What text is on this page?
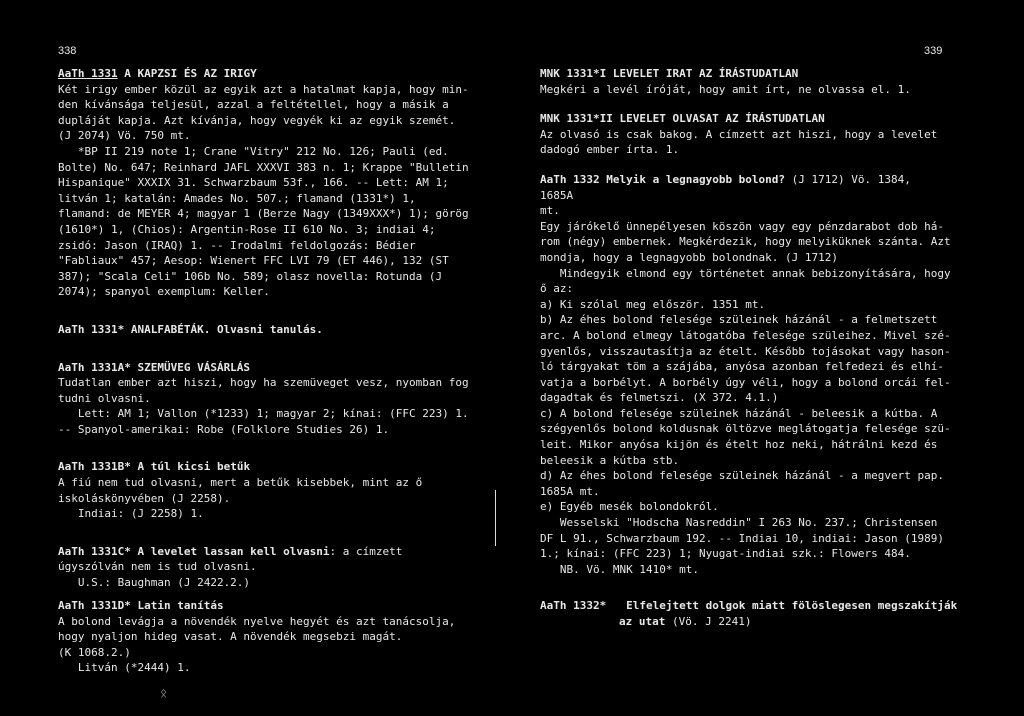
338	339
AaTh 1331 A KAPZSI ÉS AZ IRIGY
Két irigy ember közül az egyik azt a hatalmat kapja, hogy min-
den kívánsága teljesül, azzal a feltétellel, hogy a másik a
dupláját kapja. Azt kívánja, hogy vegyék ki az egyik szemét.
(J 2074) Vö. 750 mt.
*BP II 219 note 1; Crane "Vitry" 212 No. 126; Pauli (ed.
Bolte) No. 647; Reinhard JAFL XXXVI 383 n. 1; Krappe "Bulletin
Hispanique" XXXIX 31. Schwarzbaum 53f., 166. -- Lett: AM 1;
litván 1; katalán: Amades No. 507.; flamand (1331*) 1,
flamand: de MEYER 4; magyar 1 (Berze Nagy (1349XXX*) 1); görög
(1610*) 1, (Chios): Argentin-Rose II 610 No. 3; indiai 4;
zsidó: Jason (IRAQ) 1. -- Irodalmi feldolgozás: Bédier
"Fabliaux" 457; Aesop: Wienert FFC LVI 79 (ET 446), 132 (ST
387); "Scala Celi" 106b No. 589; olasz novella: Rotunda (J
2074); spanyol exemplum: Keller.
AaTh 1331* ANALFABÉTÁK. Olvasni tanulás.
AaTh 1331A* SZEMÜVEG VÁSÁRLÁS
Tudatlan ember azt hiszi, hogy ha szemüveget vesz, nyomban fog
tudni olvasni.
Lett: AM 1; Vallon (*1233) 1; magyar 2; kínai: (FFC 223) 1.
-- Spanyol-amerikai: Robe (Folklore Studies 26) 1.
AaTh 1331B* A túl kicsi betűk
A fiú nem tud olvasni, mert a betűk kisebbek, mint az ő
iskoláskönyvében (J 2258).
Indiai: (J 2258) 1.
AaTh 1331C* A levelet lassan kell olvasni: a címzett
úgyszólván nem is tud olvasni.
U.S.: Baughman (J 2422.2.)
AaTh 1331D* Latin tanítás
A bolond levágja a növendék nyelve hegyét és azt tanácsolja,
hogy nyaljon hideg vasat. A növendék megsebzi magát.
(K 1068.2.)
Litván (*2444) 1.
MNK 1331*I LEVELET IRAT AZ ÍRÁSTUDATLAN
Megkéri a levél íróját, hogy amit írt, ne olvassa el. 1.
MNK 1331*II LEVELET OLVASAT AZ ÍRÁSTUDATLAN
Az olvasó is csak bakog. A címzett azt hiszi, hogy a levelet
dadogó ember írta. 1.
AaTh 1332 Melyik a legnagyobb bolond? (J 1712) Vö. 1384, 1685A
mt.
Egy járókelő ünnepélyesen köszön vagy egy pénzdarabot dob há-
rom (négy) embernek. Megkérdezik, hogy melyiküknek szánta. Azt
mondja, hogy a legnagyobb bolondnak. (J 1712)
Mindegyik elmond egy történetet annak bebizonyítására, hogy
ő az:
a) Ki szólal meg először. 1351 mt.
b) Az éhes bolond felesége szüleinek házánál - a felmetszett
arc. A bolond elmegy látogatóba felesége szüleihez. Mivel szé-
gyenlős, visszautasítja az ételt. Később tojásokat vagy hason-
ló tárgyakat töm a szájába, anyósa azonban felfedezi és elhí-
vatja a borbélyt. A borbély úgy véli, hogy a bolond orcái fel-
dagadtak és felmetszi. (X 372. 4.1.)
c) A bolond felesége szüleinek házánál - beleesik a kútba. A
szégyenlős bolond koldusnak öltözve meglátogatja felesége szü-
leit. Mikor anyósa kijön és ételt hoz neki, hátrálni kezd és
beleesik a kútba stb.
d) Az éhes bolond felesége szüleinek házánál - a megvert pap.
1685A mt.
e) Egyéb mesék bolondokról.
Wesselski "Hodscha Nasreddin" I 263 No. 237.; Christensen
DF L 91., Schwarzbaum 192. -- Indiai 10, indiai: Jason (1989)
1.; kínai: (FFC 223) 1; Nyugat-indiai szk.: Flowers 484.
NB. Vö. MNK 1410* mt.
AaTh 1332* Elfelejtett dolgok miatt fölöslegesen megszakítják
az utat (Vö. J 2241)
ᛟ
